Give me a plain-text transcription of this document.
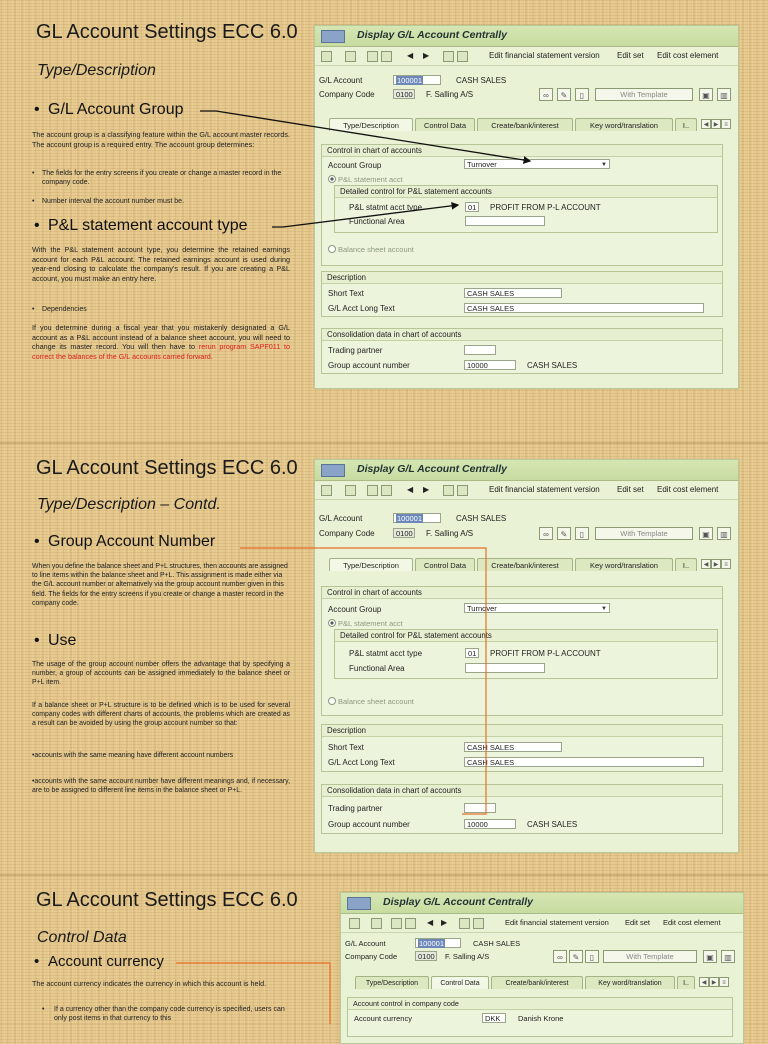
GL Account Settings ECC 6.0
Type/Description
• G/L Account Group
The account group is a classifying feature within the G/L account master records. The account group is a required entry. The account group determines:
•	The fields for the entry screens if you create or change a master record in the company code.
•	Number interval the account number must be.
• P&L statement account type
With the P&L statement account type, you determine the retained earnings account for each P&L account. The retained earnings account is used during year-end closing to calculate the company's result. If you are creating a P&L account, you must make an entry here.
•	Dependencies
If you determine during a fiscal year that you mistakenly designated a G/L account as a P&L account instead of a balance sheet account, you will need to change its master record. You will then have to rerun program SAPF011 to correct the balances of the G/L accounts carried forward.
Display G/L Account Centrally
◀ ▶	Edit financial statement version Edit set Edit cost element
G/L Account	100001	CASH SALES
Company Code	0100 F. Salling A/S	∞	✎	▯	With Template	▣	▥
Type/Description	Control Data	Create/bank/interest	Key word/translation	I..	◀ ▶ ≡
Control in chart of accounts
Account Group	Turnover	▼
P&L statement acct
Detailed control for P&L statement accounts
P&L statmt acct type	01	PROFIT FROM P-L ACCOUNT
Functional Area
Balance sheet account
Description
Short Text	CASH SALES
G/L Acct Long Text	CASH SALES
Consolidation data in chart of accounts
Trading partner
Group account number	10000	CASH SALES
GL Account Settings ECC 6.0
Type/Description – Contd.
• Group Account Number
When you define the balance sheet and P+L structures, then accounts are assigned to line items within the balance sheet and P+L. This assignment is made either via the G/L account number or alternatively via the group account number given in this field. The fields for the entry screens if you create or change a master record in the company code.
• Use
The usage of the group account number offers the advantage that by specifying a number, a group of accounts can be assigned immediately to the balance sheet or P+L item.
If a balance sheet or P+L structure is to be defined which is to be used for several company codes with different charts of accounts, the problems which are created as a result can be avoided by using the group account number so that:
•accounts with the same meaning have different account numbers
•accounts with the same account number have different meanings and, if necessary, are to be assigned to different line items in the balance sheet or P+L.
Display G/L Account Centrally
◀ ▶	Edit financial statement version Edit set Edit cost element
G/L Account	100001	CASH SALES
Company Code	0100 F. Salling A/S	∞	✎	▯	With Template	▣	▥
Type/Description	Control Data	Create/bank/interest	Key word/translation	I..	◀ ▶ ≡
Control in chart of accounts
Account Group	Turnover	▼
P&L statement acct
Detailed control for P&L statement accounts
P&L statmt acct type	01	PROFIT FROM P-L ACCOUNT
Functional Area
Balance sheet account
Description
Short Text	CASH SALES
G/L Acct Long Text	CASH SALES
Consolidation data in chart of accounts
Trading partner
Group account number	10000	CASH SALES
GL Account Settings ECC 6.0
Control Data
• Account currency
The account currency indicates the currency in which this account is held.
•	If a currency other than the company code currency is specified, users can only post items in that currency to this
Display G/L Account Centrally
◀ ▶	Edit financial statement version Edit set Edit cost element
G/L Account	100001	CASH SALES
Company Code	0100	F. Salling A/S	∞	✎	▯	With Template	▣	▥
Type/Description	Control Data	Create/bank/interest	Key word/translation	I..	◀ ▶ ≡
Account control in company code
Account currency	DKK	Danish Krone
